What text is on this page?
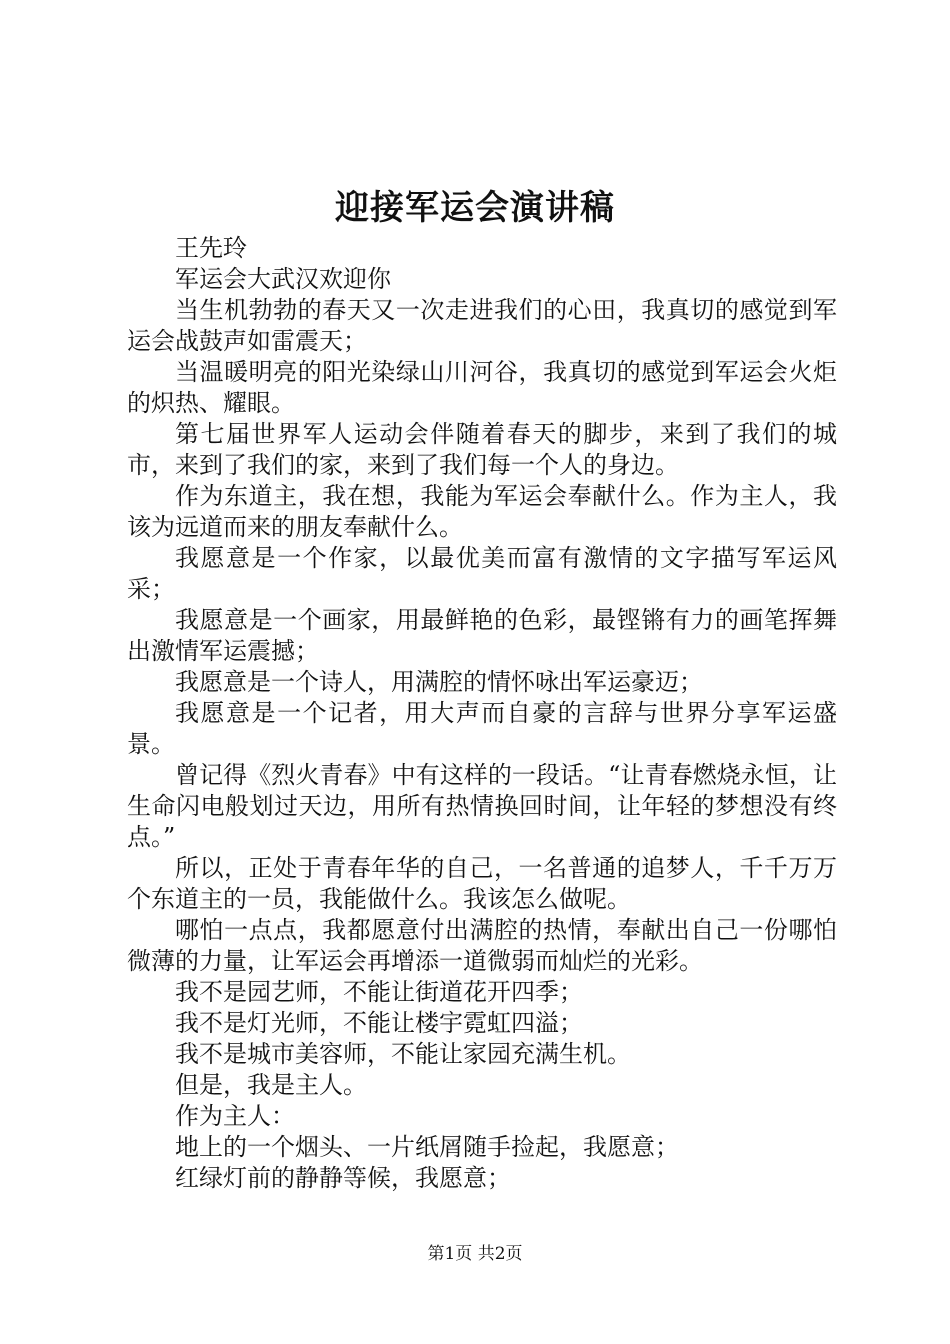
迎接军运会演讲稿

王先玲

军运会大武汉欢迎你

当生机勃勃的春天又一次走进我们的心田，我真切的感觉到军运会战鼓声如雷震天；

当温暖明亮的阳光染绿山川河谷，我真切的感觉到军运会火炬的炽热、耀眼。

第七届世界军人运动会伴随着春天的脚步，来到了我们的城市，来到了我们的家，来到了我们每一个人的身边。

作为东道主，我在想，我能为军运会奉献什么。作为主人，我该为远道而来的朋友奉献什么。

我愿意是一个作家，以最优美而富有激情的文字描写军运风采；

我愿意是一个画家，用最鲜艳的色彩，最铿锵有力的画笔挥舞出激情军运震撼；

我愿意是一个诗人，用满腔的情怀咏出军运豪迈；

我愿意是一个记者，用大声而自豪的言辞与世界分享军运盛景。

曾记得《烈火青春》中有这样的一段话。“让青春燃烧永恒，让生命闪电般划过天边，用所有热情换回时间，让年轻的梦想没有终点。”

所以，正处于青春年华的自己，一名普通的追梦人，千千万万个东道主的一员，我能做什么。我该怎么做呢。

哪怕一点点，我都愿意付出满腔的热情，奉献出自己一份哪怕微薄的力量，让军运会再增添一道微弱而灿烂的光彩。

我不是园艺师，不能让街道花开四季；

我不是灯光师，不能让楼宇霓虹四溢；

我不是城市美容师，不能让家园充满生机。

但是，我是主人。

作为主人：

地上的一个烟头、一片纸屑随手捡起，我愿意；

红绿灯前的静静等候，我愿意；

第1页 共2页
